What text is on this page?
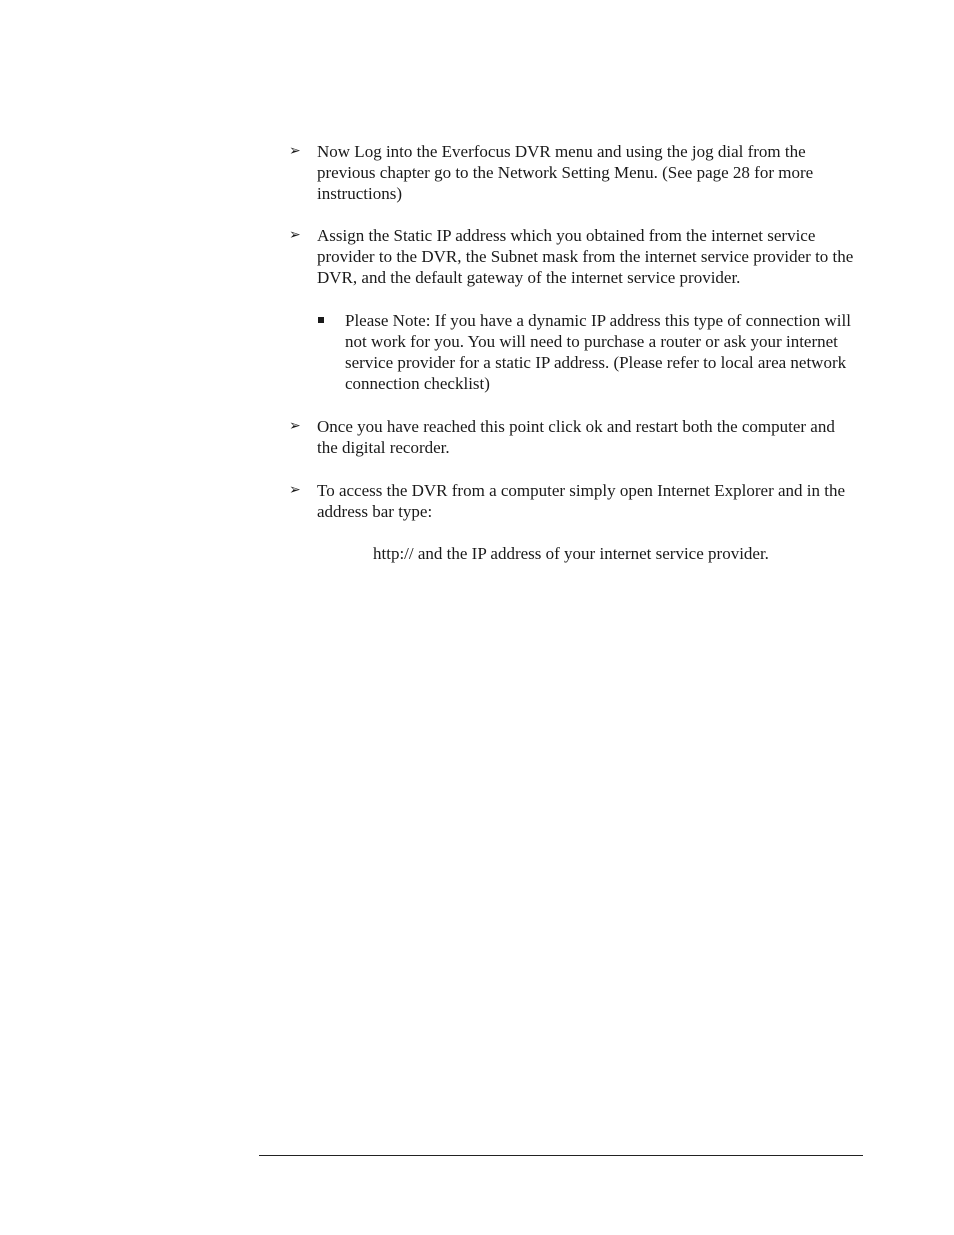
➢ Now Log into the Everfocus DVR menu and using the jog dial from the previous chapter go to the Network Setting Menu. (See page 28 for more instructions)
➢ Assign the Static IP address which you obtained from the internet service provider to the DVR, the Subnet mask from the internet service provider to the DVR, and the default gateway of the internet service provider.
Please Note: If you have a dynamic IP address this type of connection will not work for you. You will need to purchase a router or ask your internet service provider for a static IP address. (Please refer to local area network connection checklist)
➢ Once you have reached this point click ok and restart both the computer and the digital recorder.
➢ To access the DVR from a computer simply open Internet Explorer and in the address bar type:
http:// and the IP address of your internet service provider.
